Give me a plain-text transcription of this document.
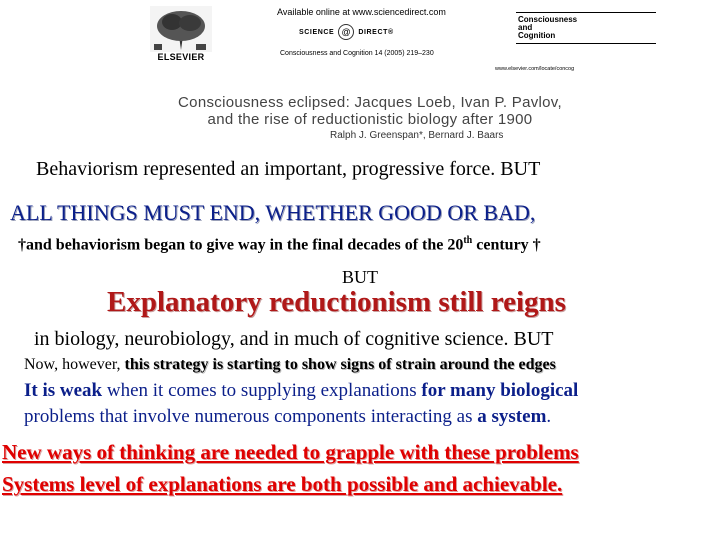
ELSEVIER
Available online at www.sciencedirect.com
SCIENCE @	DIRECT®
Consciousness and Cognition 14 (2005) 219–230
Consciousness
and
Cognition
www.elsevier.com/locate/concog
Consciousness eclipsed: Jacques Loeb, Ivan P. Pavlov,
and the rise of reductionistic biology after 1900
Ralph J. Greenspan*, Bernard J. Baars
Behaviorism represented an important, progressive force. BUT
ALL THINGS MUST END, WHETHER GOOD OR BAD,
†and behaviorism began to give way in the final decades of the 20th century †
BUT
Explanatory reductionism still reigns
in biology, neurobiology, and in much of cognitive science. BUT
Now, however, this strategy is starting to show signs of strain around the edges
It is weak when it comes to supplying explanations for many biological
problems that involve numerous components interacting as a system.
New ways of thinking are needed to grapple with these problems
Systems level of explanations are both possible and achievable.
